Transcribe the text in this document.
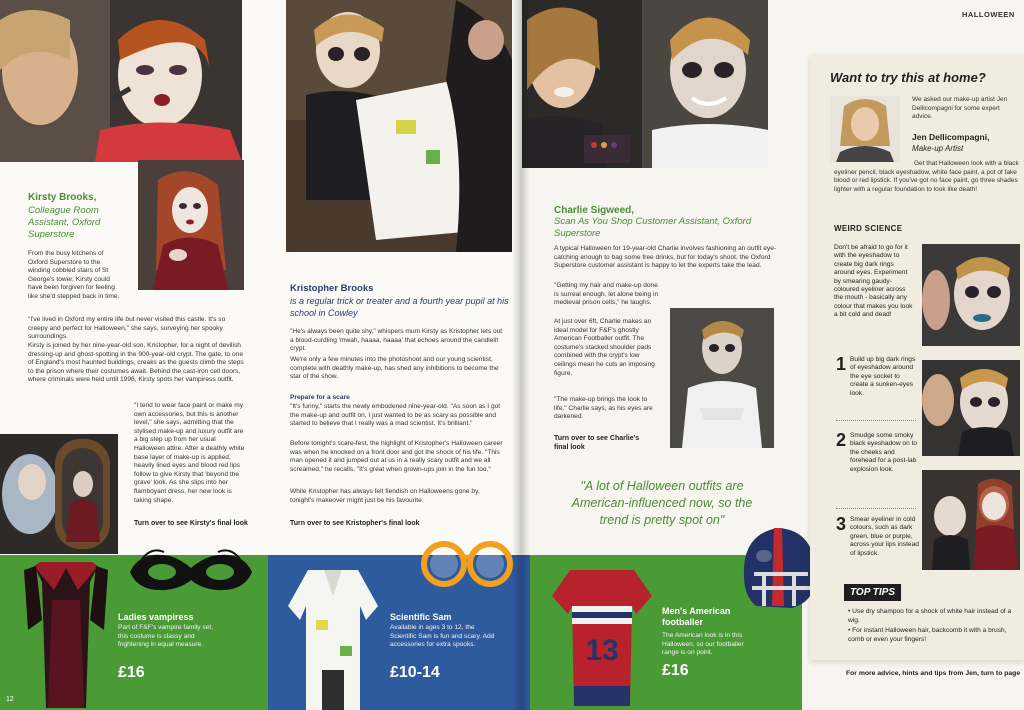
Kirsty Brooks,
Colleague Room Assistant, Oxford Superstore
From the busy kitchens of Oxford Superstore to the winding cobbled stairs of St George's tower, Kirsty could have been forgiven for feeling like she'd stepped back in time.
"I've lived in Oxford my entire life but never visited this castle. It's so creepy and perfect for Halloween," she says, surveying her spooky surroundings.
Kirsty is joined by her nine-year-old son, Kristopher, for a night of devilish dressing-up and ghost-spotting in the 900-year-old crypt. The gate, to one of England's most haunted buildings, creaks as the guests climb the steps to the prison where their costumes await. Behind the cast-iron cell doors, where criminals were held until 1996, Kirsty spots her vampiress outfit.
"I tend to wear face paint or make my own accessories, but this is another level," she says, admitting that the stylised make-up and luxury outfit are a big step up from her usual Halloween attire. After a deathly white base layer of make-up is applied, heavily lined eyes and blood red lips follow to give Kirsty that 'beyond the grave' look. As she slips into her flamboyant dress, her new look is taking shape.
Turn over to see Kirsty's final look
Kristopher Brooks
is a regular trick or treater and a fourth year pupil at his school in Cowley
"He's always been quite shy," whispers mum Kirsty as Kristopher lets out a blood-curdling 'mwah, haaaa, haaaa' that echoes around the candlelit crypt.
We're only a few minutes into the photoshoot and our young scientist, complete with deathly make-up, has shed any inhibitions to become the star of the show.
Prepare for a scare
"It's funny," starts the newly embodened nine-year-old. "As soon as I got the make-up and outfit on, I just wanted to be as scary as possible and started to believe that I really was a mad scientist. It's brilliant."
Before tonight's scare-fest, the highlight of Kristopher's Halloween career was when he knocked on a front door and got the shock of his life. "This man opened it and jumped out at us in a really scary outfit and we all screamed," he recalls. "It's great when grown-ups join in the fun too."
While Kristopher has always felt fiendish on Halloweens gone by, tonight's makeover might just be his favourite.
Turn over to see Kristopher's final look
Charlie Sigweed,
Scan As You Shop Customer Assistant, Oxford Superstore
A typical Halloween for 19-year-old Charlie involves fashioning an outfit eye-catching enough to bag some free drinks, but for today's shoot, the Oxford Superstore customer assistant is happy to let the experts take the lead.
"Getting my hair and make-up done is surreal enough, let alone being in medieval prison cells," he laughs.
At just over 6ft, Charlie makes an ideal model for F&F's ghostly American Footballer outfit. The costume's stacked shoulder pads combined with the crypt's low ceilings mean he cuts an imposing figure.
"The make-up brings the look to life," Charlie says, as his eyes are darkened.
Turn over to see Charlie's final look
"A lot of Halloween outfits are American-influenced now, so the trend is pretty spot on"
Ladies vampiress
Part of F&F's vampire family set, this costume is classy and frightening in equal measure.
£16
12
Scientific Sam
Available in ages 3 to 12, the Scientific Sam is fun and scary. Add accessories for extra spooks.
£10-14
13
Men's American footballer
The American look is in this Halloween, so our footballer range is on point.
£16
HALLOWEEN
Want to try this at home?
We asked our make-up artist Jen Dellicompagni for some expert advice.
Jen Dellicompagni,
Make-up Artist
Get that Halloween look with a black eyeliner pencil, black eyeshadow, white face paint, a pot of fake blood or red lipstick. If you've got no face paint, go three shades lighter with a regular foundation to look like death!
WEIRD SCIENCE
Don't be afraid to go for it with the eyeshadow to create big dark rings around eyes. Experiment by smearing gaudy-coloured eyeliner across the mouth - basically any colour that makes you look a bit cold and dead!
1 Build up big dark rings of eyeshadow around the eye socket to create a sunken-eyes look.
2 Smudge some smoky black eyeshadow on to the cheeks and forehead for a post-lab explosion look.
3 Smear eyeliner in cold colours, such as dark green, blue or purple, across your lips instead of lipstick.
TOP TIPS
• Use dry shampoo for a shock of white hair instead of a wig.
• For instant Halloween hair, backcomb it with a brush, comb or even your fingers!
For more advice, hints and tips from Jen, turn to page
